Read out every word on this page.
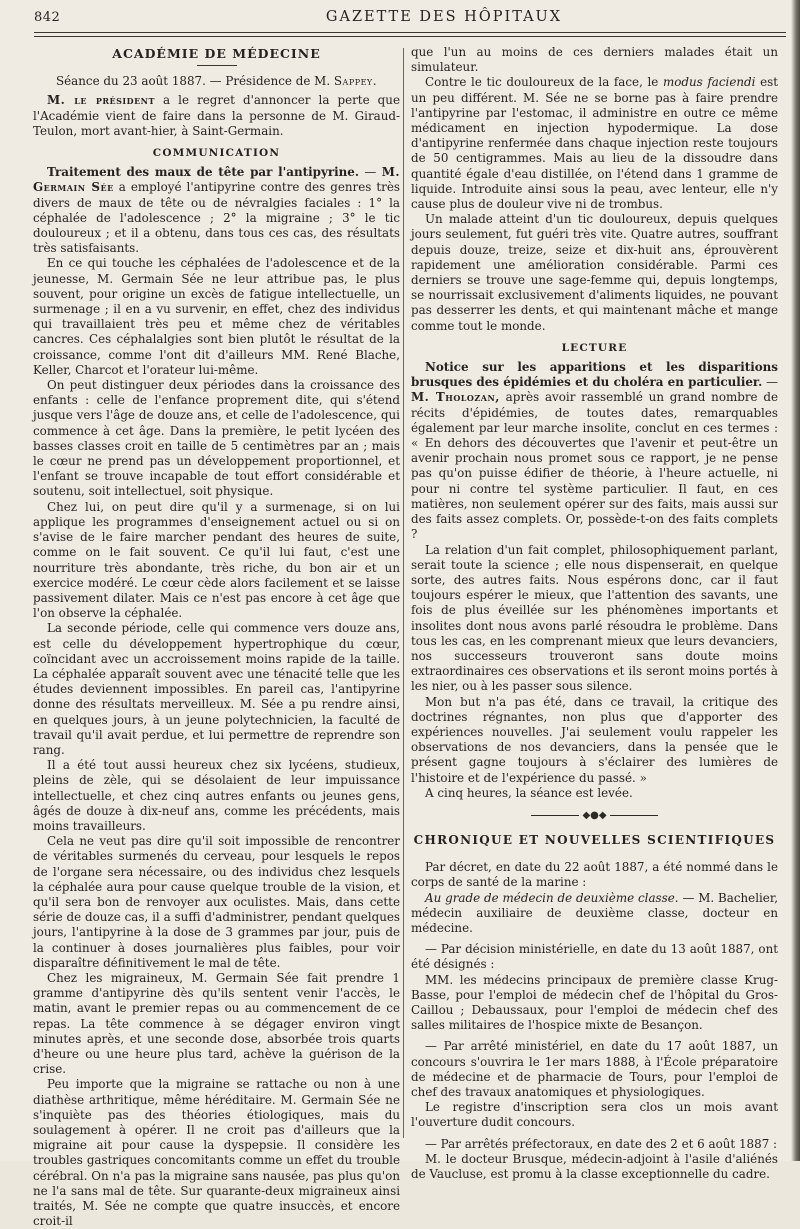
842	GAZETTE DES HÔPITAUX
ACADÉMIE DE MÉDECINE

Séance du 23 août 1887. — Présidence de M. Sappey.

M. le président a le regret d'annoncer la perte que l'Académie vient de faire dans la personne de M. Giraud-Teulon, mort avant-hier, à Saint-Germain.

COMMUNICATION

Traitement des maux de tête par l'antipyrine. — M. Germain Sée a employé l'antipyrine contre des genres très divers de maux de tête ou de névralgies faciales : 1° la céphalée de l'adolescence ; 2° la migraine ; 3° le tic douloureux ; et il a obtenu, dans tous ces cas, des résultats très satisfaisants.

En ce qui touche les céphalées de l'adolescence et de la jeunesse, M. Germain Sée ne leur attribue pas, le plus souvent, pour origine un excès de fatigue intellectuelle, un surmenage ; il en a vu survenir, en effet, chez des individus qui travaillaient très peu et même chez de véritables cancres. Ces céphalalgies sont bien plutôt le résultat de la croissance, comme l'ont dit d'ailleurs MM. René Blache, Keller, Charcot et l'orateur lui-même.

On peut distinguer deux périodes dans la croissance des enfants : celle de l'enfance proprement dite, qui s'étend jusque vers l'âge de douze ans, et celle de l'adolescence, qui commence à cet âge. Dans la première, le petit lycéen des basses classes croit en taille de 5 centimètres par an ; mais le cœur ne prend pas un développement proportionnel, et l'enfant se trouve incapable de tout effort considérable et soutenu, soit intellectuel, soit physique.

Chez lui, on peut dire qu'il y a surmenage, si on lui applique les programmes d'enseignement actuel ou si on s'avise de le faire marcher pendant des heures de suite, comme on le fait souvent. Ce qu'il lui faut, c'est une nourriture très abondante, très riche, du bon air et un exercice modéré. Le cœur cède alors facilement et se laisse passivement dilater. Mais ce n'est pas encore à cet âge que l'on observe la céphalée.

La seconde période, celle qui commence vers douze ans, est celle du développement hypertrophique du cœur, coïncidant avec un accroissement moins rapide de la taille. La céphalée apparaît souvent avec une ténacité telle que les études deviennent impossibles. En pareil cas, l'antipyrine donne des résultats merveilleux. M. Sée a pu rendre ainsi, en quelques jours, à un jeune polytechnicien, la faculté de travail qu'il avait perdue, et lui permettre de reprendre son rang.

Il a été tout aussi heureux chez six lycéens, studieux, pleins de zèle, qui se désolaient de leur impuissance intellectuelle, et chez cinq autres enfants ou jeunes gens, âgés de douze à dix-neuf ans, comme les précédents, mais moins travailleurs.

Cela ne veut pas dire qu'il soit impossible de rencontrer de véritables surmenés du cerveau, pour lesquels le repos de l'organe sera nécessaire, ou des individus chez lesquels la céphalée aura pour cause quelque trouble de la vision, et qu'il sera bon de renvoyer aux oculistes. Mais, dans cette série de douze cas, il a suffi d'administrer, pendant quelques jours, l'antipyrine à la dose de 3 grammes par jour, puis de la continuer à doses journalières plus faibles, pour voir disparaître définitivement le mal de tête.

Chez les migraineux, M. Germain Sée fait prendre 1 gramme d'antipyrine dès qu'ils sentent venir l'accès, le matin, avant le premier repas ou au commencement de ce repas. La tête commence à se dégager environ vingt minutes après, et une seconde dose, absorbée trois quarts d'heure ou une heure plus tard, achève la guérison de la crise.

Peu importe que la migraine se rattache ou non à une diathèse arthritique, même héréditaire. M. Germain Sée ne s'inquiète pas des théories étiologiques, mais du soulagement à opérer. Il ne croit pas d'ailleurs que la migraine ait pour cause la dyspepsie. Il considère les troubles gastriques concomitants comme un effet du trouble cérébral. On n'a pas la migraine sans nausée, pas plus qu'on ne l'a sans mal de tête. Sur quarante-deux migraineux ainsi traités, M. Sée ne compte que quatre insuccès, et encore croit-il

que l'un au moins de ces derniers malades était un simulateur.

Contre le tic douloureux de la face, le modus faciendi est un peu différent. M. Sée ne se borne pas à faire prendre l'antipyrine par l'estomac, il administre en outre ce même médicament en injection hypodermique. La dose d'antipyrine renfermée dans chaque injection reste toujours de 50 centigrammes. Mais au lieu de la dissoudre dans quantité égale d'eau distillée, on l'étend dans 1 gramme de liquide. Introduite ainsi sous la peau, avec lenteur, elle n'y cause plus de douleur vive ni de trombus.

Un malade atteint d'un tic douloureux, depuis quelques jours seulement, fut guéri très vite. Quatre autres, souffrant depuis douze, treize, seize et dix-huit ans, éprouvèrent rapidement une amélioration considérable. Parmi ces derniers se trouve une sage-femme qui, depuis longtemps, se nourrissait exclusivement d'aliments liquides, ne pouvant pas desserrer les dents, et qui maintenant mâche et mange comme tout le monde.

LECTURE

Notice sur les apparitions et les disparitions brusques des épidémies et du choléra en particulier. — M. Tholozan, après avoir rassemblé un grand nombre de récits d'épidémies, de toutes dates, remarquables également par leur marche insolite, conclut en ces termes : « En dehors des découvertes que l'avenir et peut-être un avenir prochain nous promet sous ce rapport, je ne pense pas qu'on puisse édifier de théorie, à l'heure actuelle, ni pour ni contre tel système particulier. Il faut, en ces matières, non seulement opérer sur des faits, mais aussi sur des faits assez complets. Or, possède-t-on des faits complets ?

La relation d'un fait complet, philosophiquement parlant, serait toute la science ; elle nous dispenserait, en quelque sorte, des autres faits. Nous espérons donc, car il faut toujours espérer le mieux, que l'attention des savants, une fois de plus éveillée sur les phénomènes importants et insolites dont nous avons parlé résoudra le problème. Dans tous les cas, en les comprenant mieux que leurs devanciers, nos successeurs trouveront sans doute moins extraordinaires ces observations et ils seront moins portés à les nier, ou à les passer sous silence.

Mon but n'a pas été, dans ce travail, la critique des doctrines régnantes, non plus que d'apporter des expériences nouvelles. J'ai seulement voulu rappeler les observations de nos devanciers, dans la pensée que le présent gagne toujours à s'éclairer des lumières de l'histoire et de l'expérience du passé. »

A cinq heures, la séance est levée.

◆●◆
CHRONIQUE ET NOUVELLES SCIENTIFIQUES

Par décret, en date du 22 août 1887, a été nommé dans le corps de santé de la marine :

Au grade de médecin de deuxième classe. — M. Bachelier, médecin auxiliaire de deuxième classe, docteur en médecine.

— Par décision ministérielle, en date du 13 août 1887, ont été désignés :

MM. les médecins principaux de première classe Krug-Basse, pour l'emploi de médecin chef de l'hôpital du Gros-Caillou ; Debaussaux, pour l'emploi de médecin chef des salles militaires de l'hospice mixte de Besançon.

— Par arrêté ministériel, en date du 17 août 1887, un concours s'ouvrira le 1er mars 1888, à l'École préparatoire de médecine et de pharmacie de Tours, pour l'emploi de chef des travaux anatomiques et physiologiques.

Le registre d'inscription sera clos un mois avant l'ouverture dudit concours.

— Par arrêtés préfectoraux, en date des 2 et 6 août 1887 :

M. le docteur Brusque, médecin-adjoint à l'asile d'aliénés de Vaucluse, est promu à la classe exceptionnelle du cadre.
